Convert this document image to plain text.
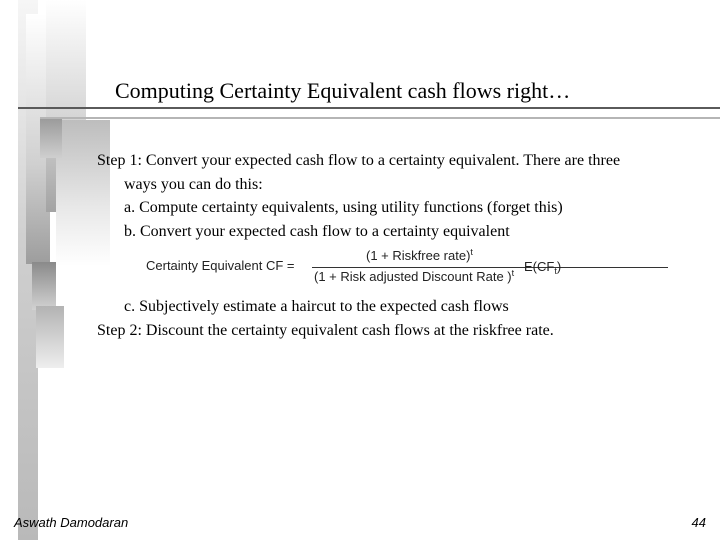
Computing Certainty Equivalent cash flows right…
Step 1: Convert your expected cash flow to a certainty equivalent. There are three
ways you can do this:
a. Compute certainty equivalents, using utility functions (forget this)
b. Convert your expected cash flow to a certainty equivalent
c. Subjectively estimate a haircut to the expected cash flows
Step 2: Discount the certainty equivalent cash flows at the riskfree rate.
Certainty Equivalent CF =
(1 + Riskfree rate)$^t$
(1 + Risk adjusted Discount Rate )$^t$ $E(CF_t)$
Aswath Damodaran	44
